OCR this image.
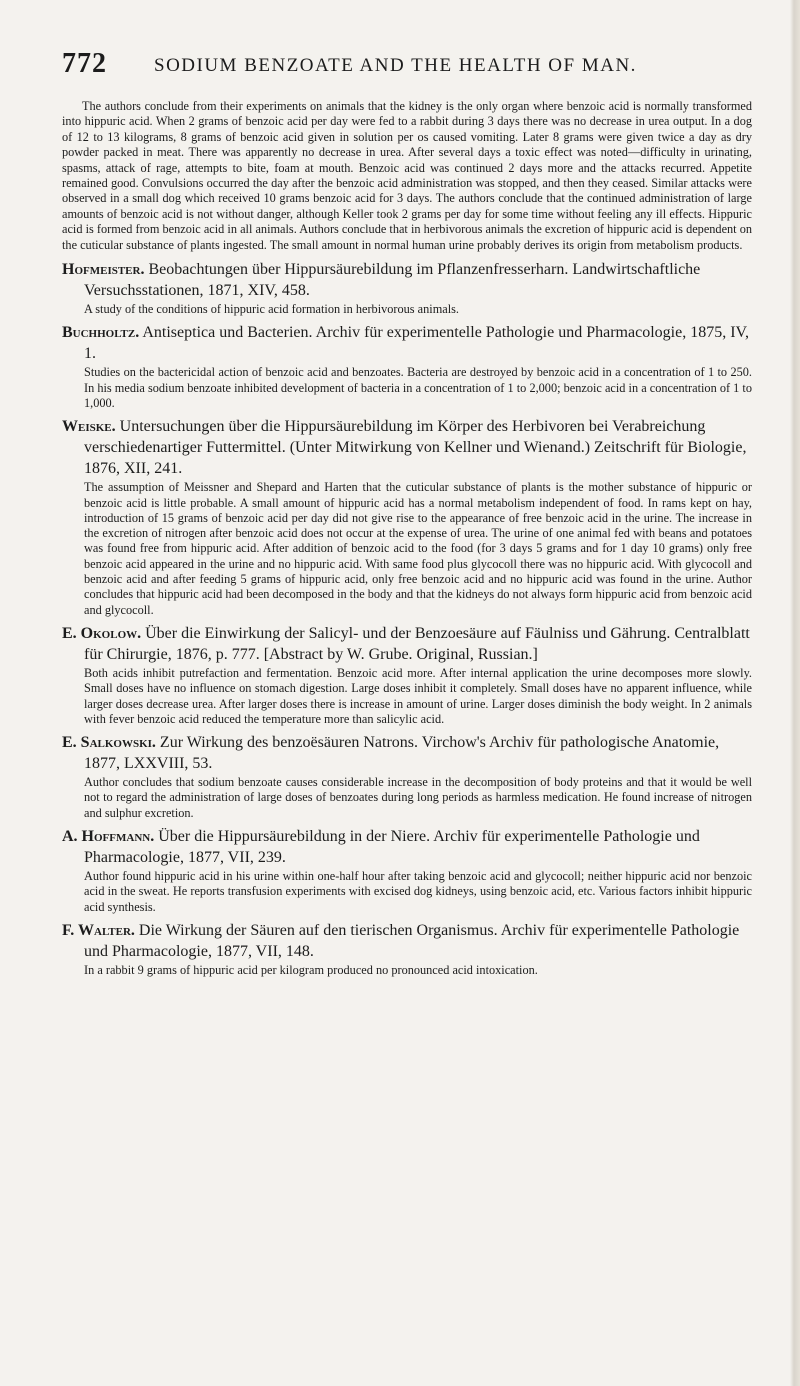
772 SODIUM BENZOATE AND THE HEALTH OF MAN.

The authors conclude from their experiments on animals that the kidney is the only organ where benzoic acid is normally transformed into hippuric acid. When 2 grams of benzoic acid per day were fed to a rabbit during 3 days there was no decrease in urea output. In a dog of 12 to 13 kilograms, 8 grams of benzoic acid given in solution per os caused vomiting. Later 8 grams were given twice a day as dry powder packed in meat. There was apparently no decrease in urea. After several days a toxic effect was noted—difficulty in urinating, spasms, attack of rage, attempts to bite, foam at mouth. Benzoic acid was continued 2 days more and the attacks recurred. Appetite remained good. Convulsions occurred the day after the benzoic acid administration was stopped, and then they ceased. Similar attacks were observed in a small dog which received 10 grams benzoic acid for 3 days. The authors conclude that the continued administration of large amounts of benzoic acid is not without danger, although Keller took 2 grams per day for some time without feeling any ill effects. Hippuric acid is formed from benzoic acid in all animals. Authors conclude that in herbivorous animals the excretion of hippuric acid is dependent on the cuticular substance of plants ingested. The small amount in normal human urine probably derives its origin from metabolism products.

Hofmeister. Beobachtungen über Hippursäurebildung im Pflanzenfresserharn. Landwirtschaftliche Versuchsstationen, 1871, XIV, 458.
A study of the conditions of hippuric acid formation in herbivorous animals.
Buchholtz. Antiseptica und Bacterien. Archiv für experimentelle Pathologie und Pharmacologie, 1875, IV, 1.
Studies on the bactericidal action of benzoic acid and benzoates. Bacteria are destroyed by benzoic acid in a concentration of 1 to 250. In his media sodium benzoate inhibited development of bacteria in a concentration of 1 to 2,000; benzoic acid in a concentration of 1 to 1,000.
Weiske. Untersuchungen über die Hippursäurebildung im Körper des Herbivoren bei Verabreichung verschiedenartiger Futtermittel. (Unter Mitwirkung von Kellner und Wienand.) Zeitschrift für Biologie, 1876, XII, 241.
The assumption of Meissner and Shepard and Harten that the cuticular substance of plants is the mother substance of hippuric or benzoic acid is little probable. A small amount of hippuric acid has a normal metabolism independent of food. In rams kept on hay, introduction of 15 grams of benzoic acid per day did not give rise to the appearance of free benzoic acid in the urine. The increase in the excretion of nitrogen after benzoic acid does not occur at the expense of urea. The urine of one animal fed with beans and potatoes was found free from hippuric acid. After addition of benzoic acid to the food (for 3 days 5 grams and for 1 day 10 grams) only free benzoic acid appeared in the urine and no hippuric acid. With same food plus glycocoll there was no hippuric acid. With glycocoll and benzoic acid and after feeding 5 grams of hippuric acid, only free benzoic acid and no hippuric acid was found in the urine. Author concludes that hippuric acid had been decomposed in the body and that the kidneys do not always form hippuric acid from benzoic acid and glycocoll.
E. Okolow. Über die Einwirkung der Salicyl- und der Benzoesäure auf Fäulniss und Gährung. Centralblatt für Chirurgie, 1876, p. 777. [Abstract by W. Grube. Original, Russian.]
Both acids inhibit putrefaction and fermentation. Benzoic acid more. After internal application the urine decomposes more slowly. Small doses have no influence on stomach digestion. Large doses inhibit it completely. Small doses have no apparent influence, while larger doses decrease urea. After larger doses there is increase in amount of urine. Larger doses diminish the body weight. In 2 animals with fever benzoic acid reduced the temperature more than salicylic acid.
E. Salkowski. Zur Wirkung des benzoësäuren Natrons. Virchow's Archiv für pathologische Anatomie, 1877, LXXVIII, 53.
Author concludes that sodium benzoate causes considerable increase in the decomposition of body proteins and that it would be well not to regard the administration of large doses of benzoates during long periods as harmless medication. He found increase of nitrogen and sulphur excretion.
A. Hoffmann. Über die Hippursäurebildung in der Niere. Archiv für experimentelle Pathologie und Pharmacologie, 1877, VII, 239.
Author found hippuric acid in his urine within one-half hour after taking benzoic acid and glycocoll; neither hippuric acid nor benzoic acid in the sweat. He reports transfusion experiments with excised dog kidneys, using benzoic acid, etc. Various factors inhibit hippuric acid synthesis.
F. Walter. Die Wirkung der Säuren auf den tierischen Organismus. Archiv für experimentelle Pathologie und Pharmacologie, 1877, VII, 148.
In a rabbit 9 grams of hippuric acid per kilogram produced no pronounced acid intoxication.
